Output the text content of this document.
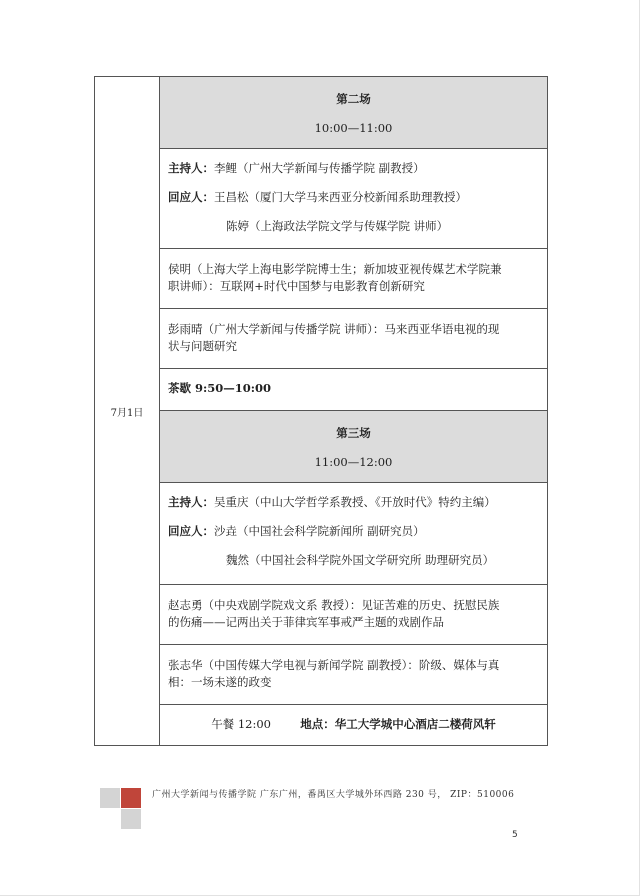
7月1日
第二场
10:00—11:00
主持人：李鲤（广州大学新闻与传播学院 副教授）
回应人：王昌松（厦门大学马来西亚分校新闻系助理教授）
陈婷（上海政法学院文学与传媒学院 讲师）
侯明（上海大学上海电影学院博士生；新加坡亚视传媒艺术学院兼
职讲师）：互联网+时代中国梦与电影教育创新研究
彭雨晴（广州大学新闻与传播学院 讲师）：马来西亚华语电视的现
状与问题研究
茶歇 9:50—10:00
第三场
11:00—12:00
主持人：吴重庆（中山大学哲学系教授、《开放时代》特约主编）
回应人：沙垚（中国社会科学院新闻所 副研究员）
魏然（中国社会科学院外国文学研究所 助理研究员）
赵志勇（中央戏剧学院戏文系 教授）：见证苦难的历史、抚慰民族
的伤痛——记两出关于菲律宾军事戒严主题的戏剧作品
张志华（中国传媒大学电视与新闻学院 副教授）：阶级、媒体与真
相：一场未遂的政变
午餐 12:00	地点：华工大学城中心酒店二楼荷风轩
广州大学新闻与传播学院 广东广州，番禺区大学城外环西路 230 号， ZIP：510006
5
